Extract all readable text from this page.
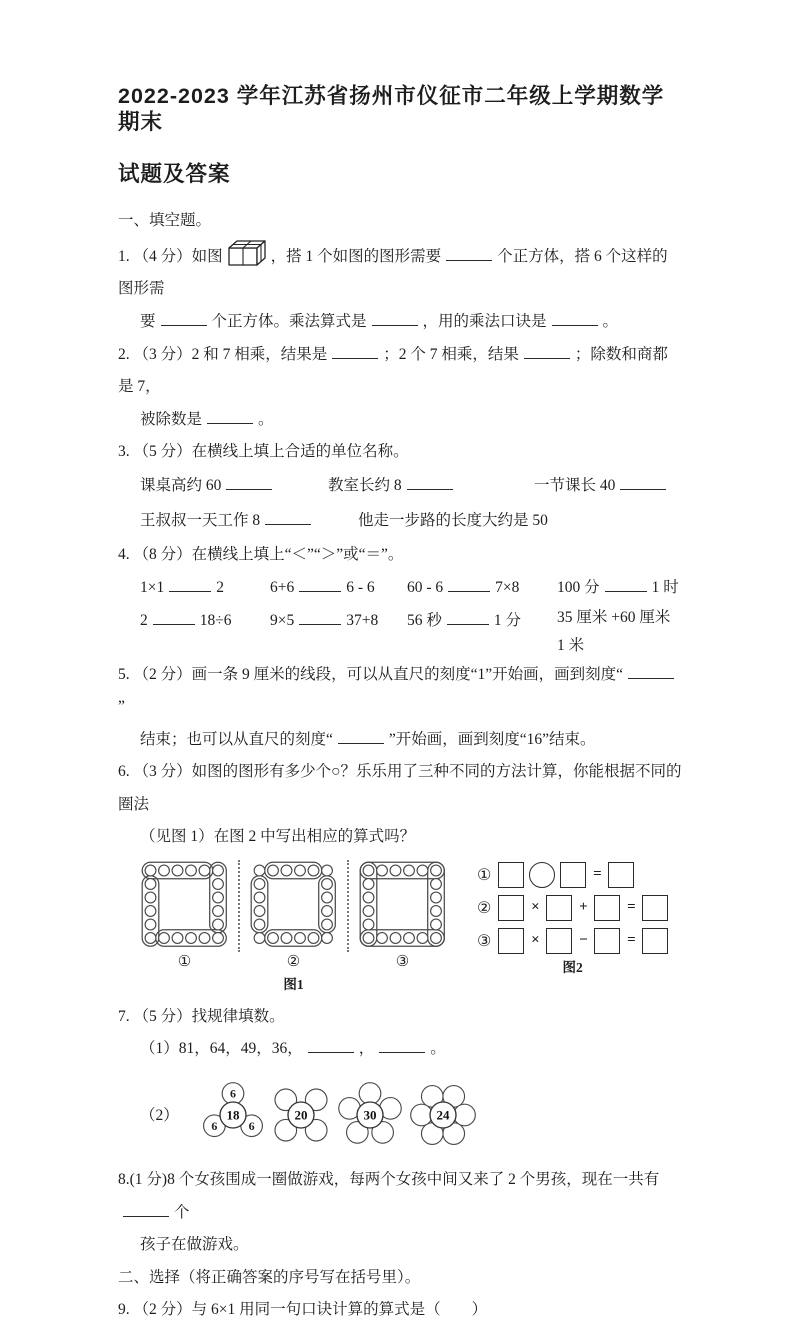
2022-2023 学年江苏省扬州市仪征市二年级上学期数学期末
试题及答案
一、填空题。
1. （4 分）如图	，搭 1 个如图的图形需要	个正方体，搭 6 个这样的图形需
要	个正方体。乘法算式是	，用的乘法口诀是	。
2. （3 分）2 和 7 相乘，结果是	；2 个 7 相乘，结果	；除数和商都是 7，
被除数是	。
3. （5 分）在横线上填上合适的单位名称。
课桌高约 60	教室长约 8	一节课长 40
王叔叔一天工作 8	他走一步路的长度大约是 50
4. （8 分）在横线上填上“＜”“＞”或“＝”。
1×1	2	6+6	6 - 6	60 - 6	7×8	100 分	1 时
2	18÷6	9×5	37+8	56 秒	1 分	35 厘米 +60 厘米
1 米
5. （2 分）画一条 9 厘米的线段，可以从直尺的刻度“1”开始画，画到刻度“”
结束；也可以从直尺的刻度“	”开始画，画到刻度“16”结束。
6. （3 分）如图的图形有多少个○？乐乐用了三种不同的方法计算，你能根据不同的圈法
（见图 1）在图 2 中写出相应的算式吗？
①	②
图1
③
①	=
②	×	+	=
③	×	−	=
图2
7. （5 分）找规律填数。
（1）81，64，49，36，	，	。
（2）
6
6
6
18	20	30	24
8.(1 分)8 个女孩围成一圈做游戏，每两个女孩中间又来了 2 个男孩，现在一共有个
孩子在做游戏。
二、选择（将正确答案的序号写在括号里）。
9. （2 分）与 6×1 用同一句口诀计算的算式是（　　）
